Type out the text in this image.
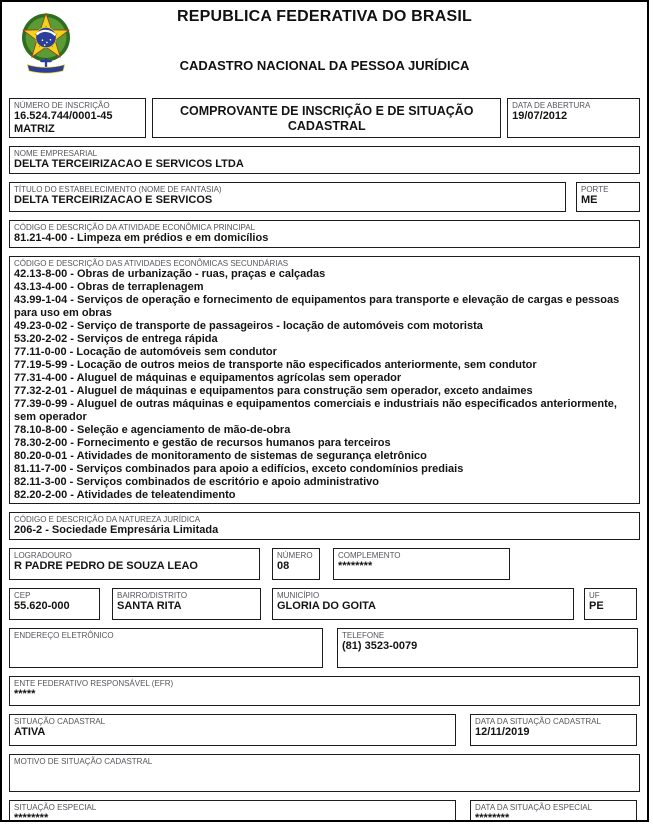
REPUBLICA FEDERATIVA DO BRASIL
CADASTRO NACIONAL DA PESSOA JURÍDICA
NÚMERO DE INSCRIÇÃO
16.524.744/0001-45
MATRIZ
COMPROVANTE DE INSCRIÇÃO E DE SITUAÇÃO CADASTRAL
DATA DE ABERTURA
19/07/2012
NOME EMPRESARIAL
DELTA TERCEIRIZACAO E SERVICOS LTDA
TÍTULO DO ESTABELECIMENTO (NOME DE FANTASIA)
DELTA TERCEIRIZACAO E SERVICOS
PORTE
ME
CÓDIGO E DESCRIÇÃO DA ATIVIDADE ECONÔMICA PRINCIPAL
81.21-4-00 - Limpeza em prédios e em domicílios
CÓDIGO E DESCRIÇÃO DAS ATIVIDADES ECONÔMICAS SECUNDÁRIAS
42.13-8-00 - Obras de urbanização - ruas, praças e calçadas
43.13-4-00 - Obras de terraplenagem
43.99-1-04 - Serviços de operação e fornecimento de equipamentos para transporte e elevação de cargas e pessoas para uso em obras
49.23-0-02 - Serviço de transporte de passageiros - locação de automóveis com motorista
53.20-2-02 - Serviços de entrega rápida
77.11-0-00 - Locação de automóveis sem condutor
77.19-5-99 - Locação de outros meios de transporte não especificados anteriormente, sem condutor
77.31-4-00 - Aluguel de máquinas e equipamentos agrícolas sem operador
77.32-2-01 - Aluguel de máquinas e equipamentos para construção sem operador, exceto andaimes
77.39-0-99 - Aluguel de outras máquinas e equipamentos comerciais e industriais não especificados anteriormente, sem operador
78.10-8-00 - Seleção e agenciamento de mão-de-obra
78.30-2-00 - Fornecimento e gestão de recursos humanos para terceiros
80.20-0-01 - Atividades de monitoramento de sistemas de segurança eletrônico
81.11-7-00 - Serviços combinados para apoio a edifícios, exceto condomínios prediais
82.11-3-00 - Serviços combinados de escritório e apoio administrativo
82.20-2-00 - Atividades de teleatendimento
CÓDIGO E DESCRIÇÃO DA NATUREZA JURÍDICA
206-2 - Sociedade Empresária Limitada
LOGRADOURO
R PADRE PEDRO DE SOUZA LEAO
NÚMERO
08
COMPLEMENTO
********
CEP
55.620-000
BAIRRO/DISTRITO
SANTA RITA
MUNICÍPIO
GLORIA DO GOITA
UF
PE
ENDEREÇO ELETRÔNICO	TELEFONE
(81) 3523-0079
ENTE FEDERATIVO RESPONSÁVEL (EFR)
*****
SITUAÇÃO CADASTRAL
ATIVA
DATA DA SITUAÇÃO CADASTRAL
12/11/2019
MOTIVO DE SITUAÇÃO CADASTRAL
SITUAÇÃO ESPECIAL
********
DATA DA SITUAÇÃO ESPECIAL
********
